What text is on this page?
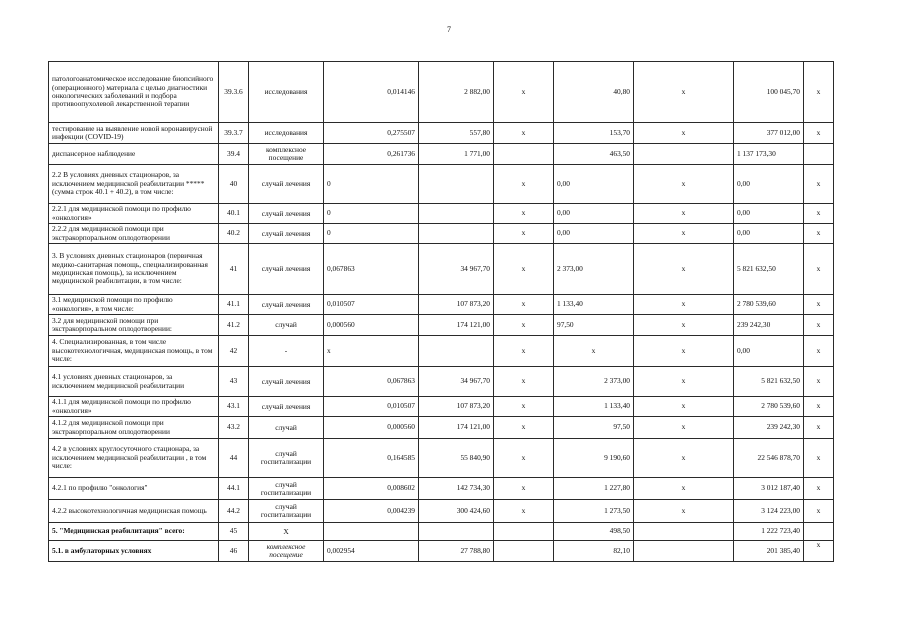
7
патологоанатомическое исследование биопсийного (операционного) материала с целью диагностики онкологических заболеваний и подбора противоопухолевой лекарственной терапии	39.3.6	исследования	0,014146	2 882,00	х	40,80	х	100 045,70	х
тестирование на выявление новой коронавирусной инфекции (COVID-19)	39.3.7	исследования	0,275507	557,80	х	153,70	х	377 012,00	х
диспансерное наблюдение	39.4	комплексное посещение	0,261736	1 771,00		463,50		1 137 173,30	
2.2 В условиях дневных стационаров, за исключением медицинской реабилитации ***** (сумма строк 40.1 + 40.2), в том числе:	40	случай лечения	0		х	0,00	х	0,00	х
2.2.1 для медицинской помощи по профилю «онкология»	40.1	случай лечения	0		х	0,00	х	0,00	х
2.2.2 для медицинской помощи при экстракорпоральном оплодотворении	40.2	случай лечения	0		х	0,00	х	0,00	х
3. В условиях дневных стационаров (первичная медико-санитарная помощь, специализированная медицинская помощь), за исключением медицинской реабилитации, в том числе:	41	случай лечения	0,067863	34 967,70	х	2 373,00	х	5 821 632,50	х
3.1 медицинской помощи по профилю «онкология», в том числе:	41.1	случай лечения	0,010507	107 873,20	х	1 133,40	х	2 780 539,60	х
3.2 для медицинской помощи при экстракорпоральном оплодотворении:	41.2	случай	0,000560	174 121,00	х	97,50	х	239 242,30	х
4. Специализированная, в том числе высокотехнологичная, медицинская помощь, в том числе:	42	-	х		х	х	х	0,00	х
4.1 условиях дневных стационаров, за исключением медицинской реабилитации	43	случай лечения	0,067863	34 967,70	х	2 373,00	х	5 821 632,50	х
4.1.1 для медицинской помощи по профилю «онкология»	43.1	случай лечения	0,010507	107 873,20	х	1 133,40	х	2 780 539,60	х
4.1.2 для медицинской помощи при экстракорпоральном оплодотворении	43.2	случай	0,000560	174 121,00	х	97,50	х	239 242,30	х
4.2 в условиях круглосуточного стационара, за исключением медицинской реабилитации , в том числе:	44	случай госпитализации	0,164585	55 840,90	х	9 190,60	х	22 546 878,70	х
4.2.1 по профилю "онкология"	44.1	случай госпитализации	0,008602	142 734,30	х	1 227,80	х	3 012 187,40	х
4.2.2 высокотехнологичная медицинская помощь	44.2	случай госпитализации	0,004239	300 424,60	х	1 273,50	х	3 124 223,00	х
5. "Медицинская реабилитация" всего:	45	Х				498,50		1 222 723,40	
5.1. в амбулаторных условиях	46	комплексное посещение	0,002954	27 788,80		82,10		201 385,40	х
